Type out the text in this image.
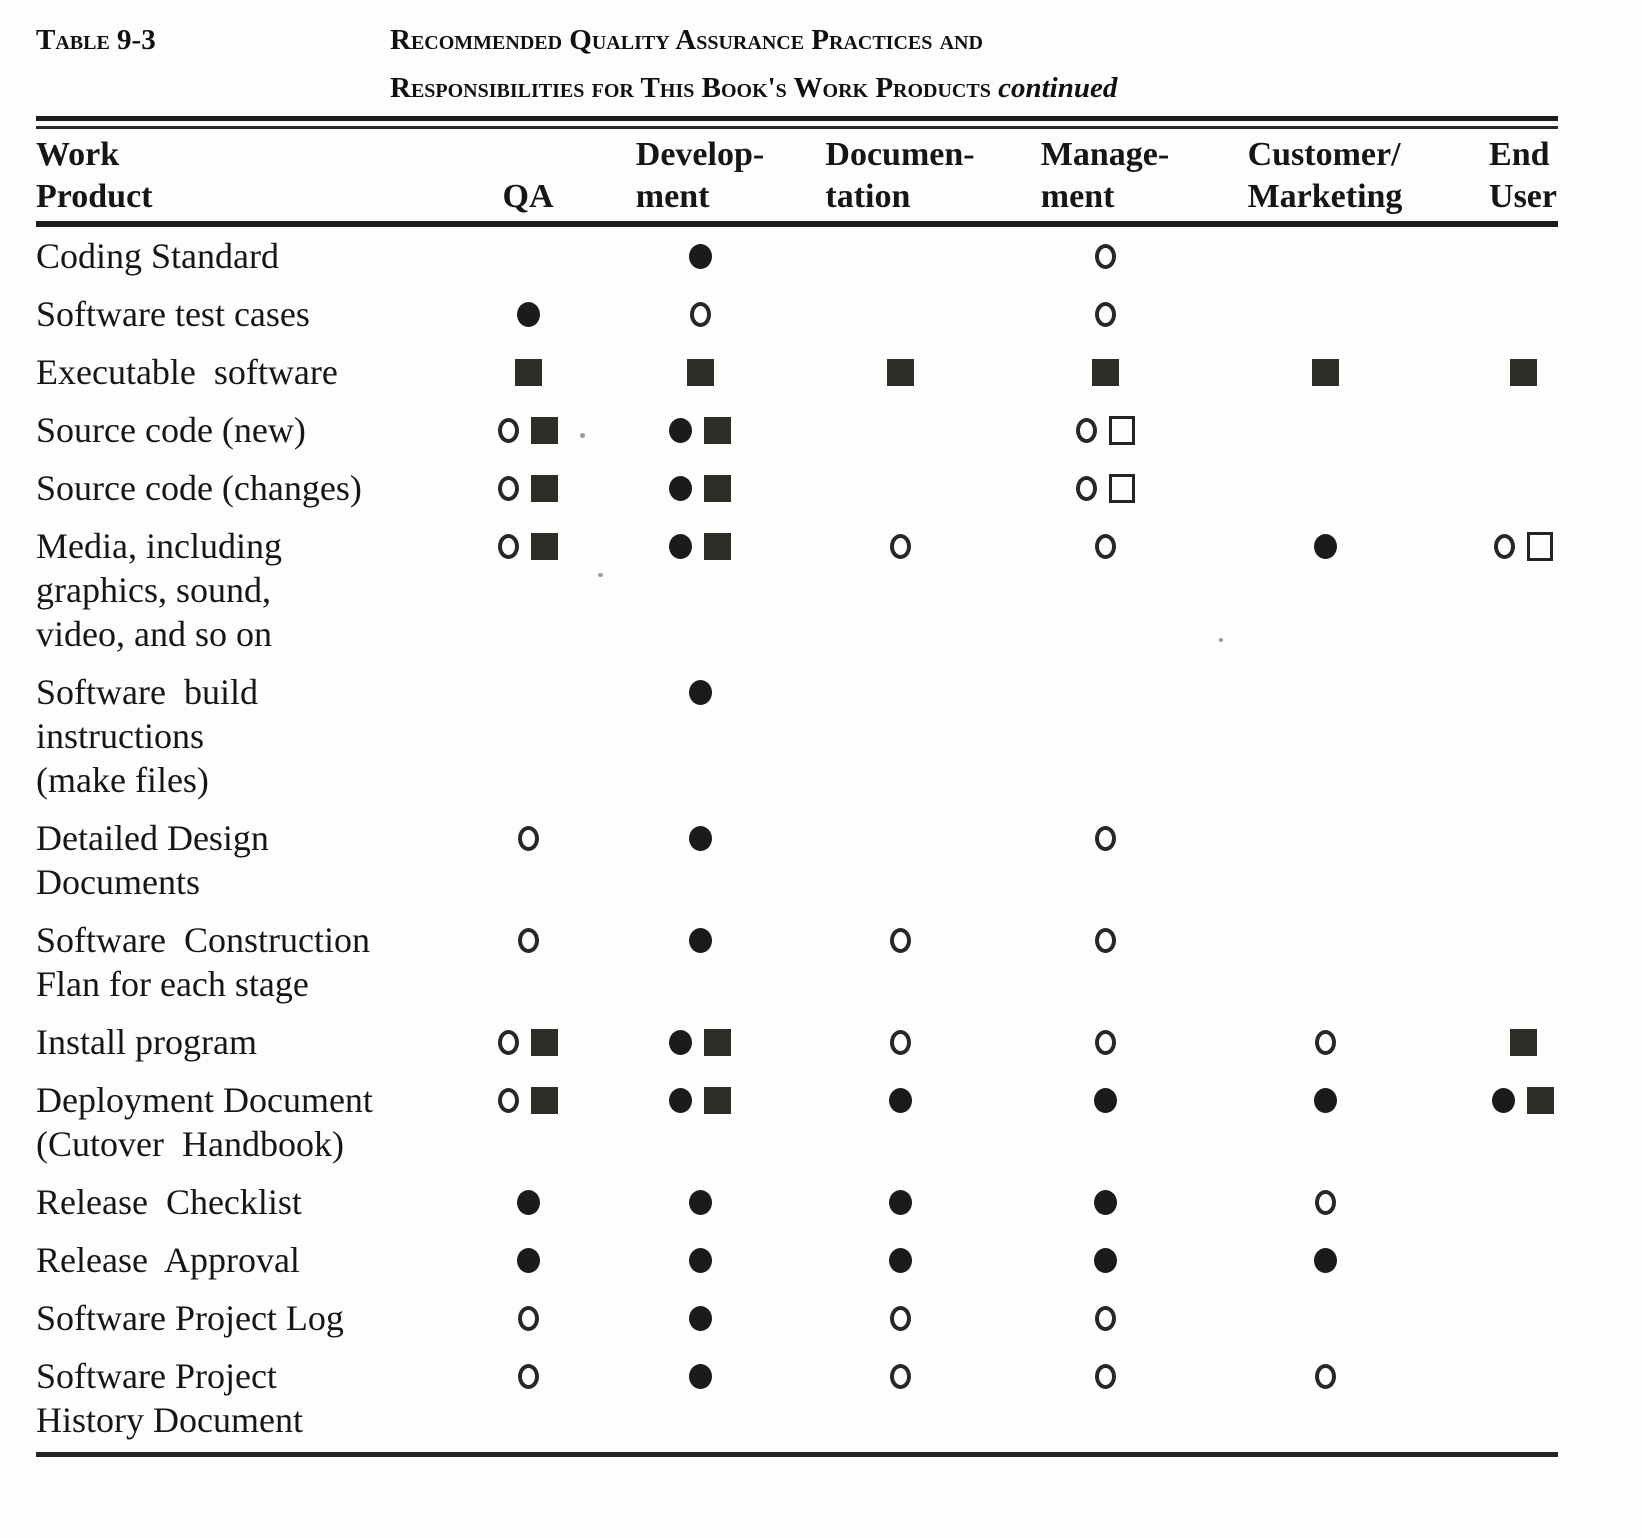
Table 9-3	Recommended Quality Assurance Practices and
Responsibilities for This Book's Work Products continued
Work
Product	QA
Develop-
ment
Documen-
tation
Manage-
ment
Customer/
Marketing
End
User
Coding Standard
Software test cases
Executable  software
Source code (new)
Source code (changes)
Media, including
graphics, sound,
video, and so on
Software  build
instructions
(make files)
Detailed Design
Documents
Software  Construction
Flan for each stage
Install program
Deployment Document
(Cutover  Handbook)
Release  Checklist
Release  Approval
Software Project Log
Software Project
History Document
